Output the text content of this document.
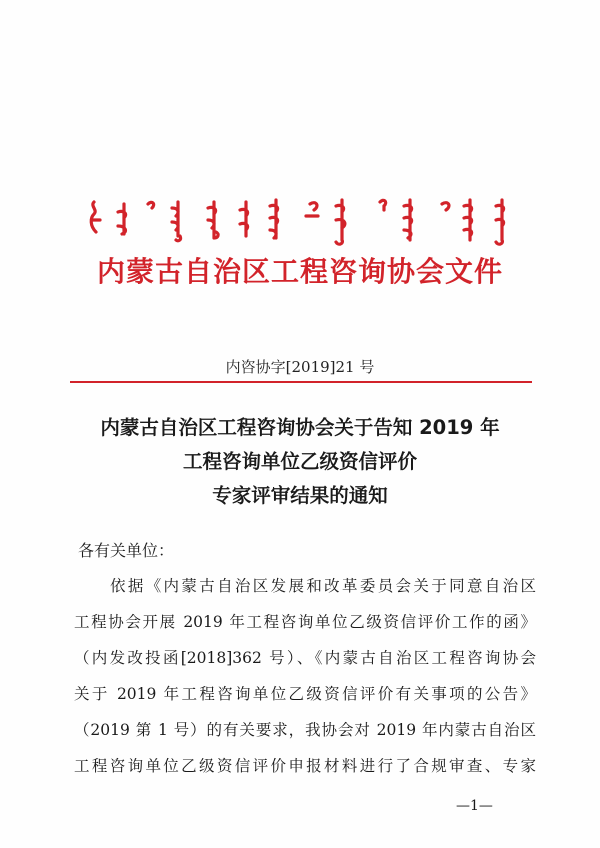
内蒙古自治区工程咨询协会文件
内咨协字[2019]21 号
内蒙古自治区工程咨询协会关于告知 2019 年
工程咨询单位乙级资信评价
专家评审结果的通知
各有关单位：
依据《内蒙古自治区发展和改革委员会关于同意自治区
工程协会开展 2019 年工程咨询单位乙级资信评价工作的函》
（内发改投函[2018]362 号）、《内蒙古自治区工程咨询协会
关于 2019 年工程咨询单位乙级资信评价有关事项的公告》
（2019 第 1 号）的有关要求，我协会对 2019 年内蒙古自治区
工程咨询单位乙级资信评价申报材料进行了合规审查、专家
—1—
